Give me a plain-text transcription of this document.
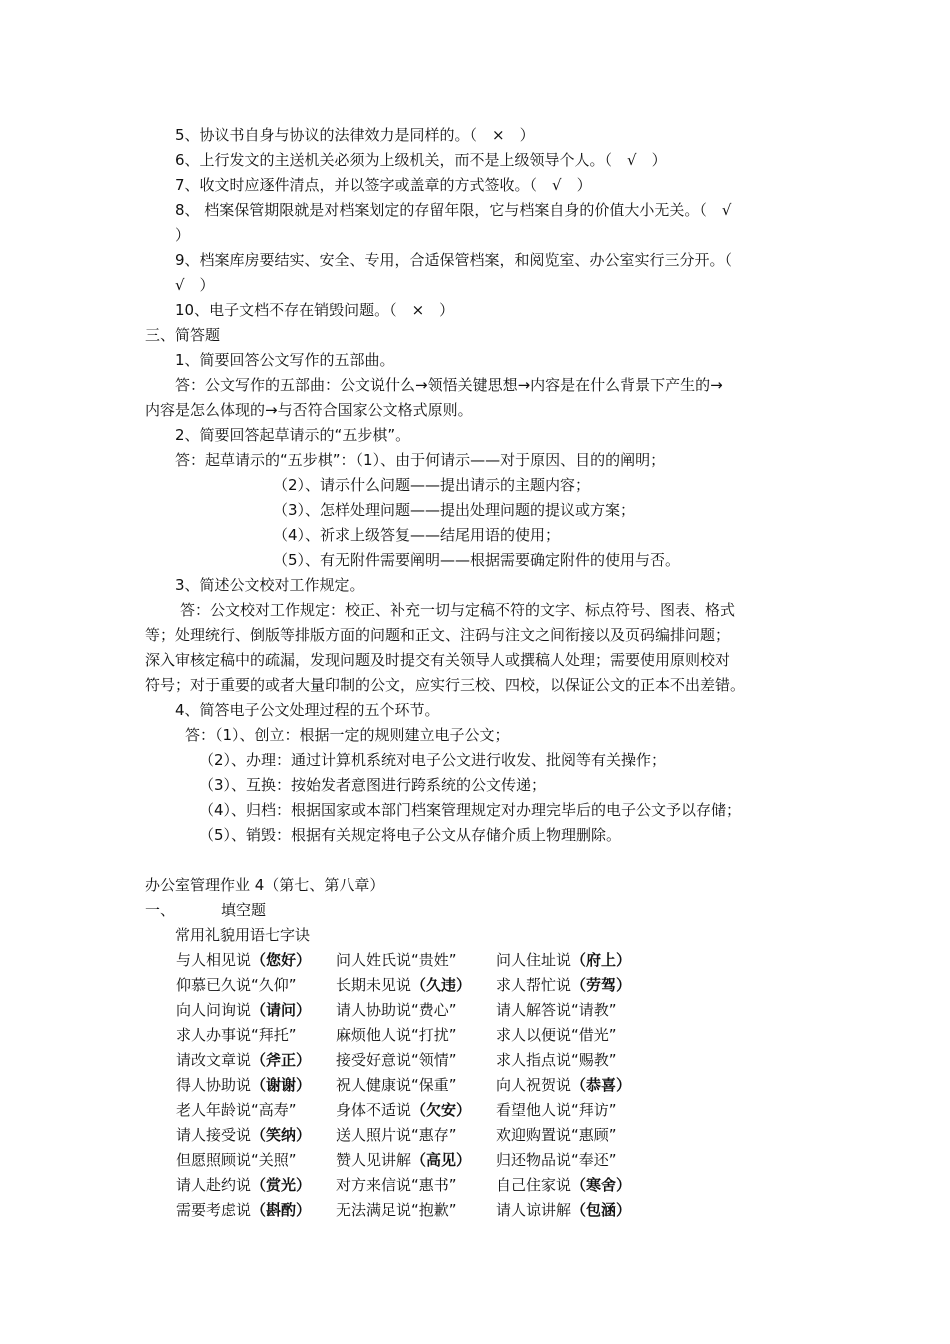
5、协议书自身与协议的法律效力是同样的。（　×　）
6、上行发文的主送机关必须为上级机关，而不是上级领导个人。（　√　）
7、收文时应逐件清点，并以签字或盖章的方式签收。（　√　）
8、 档案保管期限就是对档案划定的存留年限，它与档案自身的价值大小无关。（　√
）
9、档案库房要结实、安全、专用，合适保管档案，和阅览室、办公室实行三分开。（
√　）
10、电子文档不存在销毁问题。（　×　）
三、简答题
1、简要回答公文写作的五部曲。
答：公文写作的五部曲：公文说什么→领悟关键思想→内容是在什么背景下产生的→
内容是怎么体现的→与否符合国家公文格式原则。
2、简要回答起草请示的“五步棋”。
答：起草请示的“五步棋”：（1）、由于何请示——对于原因、目的的阐明；
（2）、请示什么问题——提出请示的主题内容；
（3）、怎样处理问题——提出处理问题的提议或方案；
（4）、祈求上级答复——结尾用语的使用；
（5）、有无附件需要阐明——根据需要确定附件的使用与否。
3、简述公文校对工作规定。
答：公文校对工作规定：校正、补充一切与定稿不符的文字、标点符号、图表、格式
等；处理统行、倒版等排版方面的问题和正文、注码与注文之间衔接以及页码编排问题；
深入审核定稿中的疏漏，发现问题及时提交有关领导人或撰稿人处理；需要使用原则校对
符号；对于重要的或者大量印制的公文，应实行三校、四校，以保证公文的正本不出差错。
4、简答电子公文处理过程的五个环节。
答：（1）、创立：根据一定的规则建立电子公文；
（2）、办理：通过计算机系统对电子公文进行收发、批阅等有关操作；
（3）、互换：按始发者意图进行跨系统的公文传递；
（4）、归档：根据国家或本部门档案管理规定对办理完毕后的电子公文予以存储；
（5）、销毁：根据有关规定将电子公文从存储介质上物理删除。
办公室管理作业 4（第七、第八章）
一、	填空题
常用礼貌用语七字诀
与人相见说（您好） 问人姓氏说“贵姓”	问人住址说（府上）
仰慕已久说“久仰”	长期未见说（久违） 求人帮忙说（劳驾）
向人问询说（请问） 请人协助说“费心”	请人解答说“请教”
求人办事说“拜托”	麻烦他人说“打扰”	求人以便说“借光”
请改文章说（斧正） 接受好意说“领情”	求人指点说“赐教”
得人协助说（谢谢） 祝人健康说“保重”	向人祝贺说（恭喜）
老人年龄说“高寿”	身体不适说（欠安） 看望他人说“拜访”
请人接受说（笑纳） 送人照片说“惠存”	欢迎购置说“惠顾”
但愿照顾说“关照”	赞人见讲解（高见） 归还物品说“奉还”
请人赴约说（赏光） 对方来信说“惠书”	自己住家说（寒舍）
需要考虑说（斟酌） 无法满足说“抱歉”	请人谅讲解（包涵）
